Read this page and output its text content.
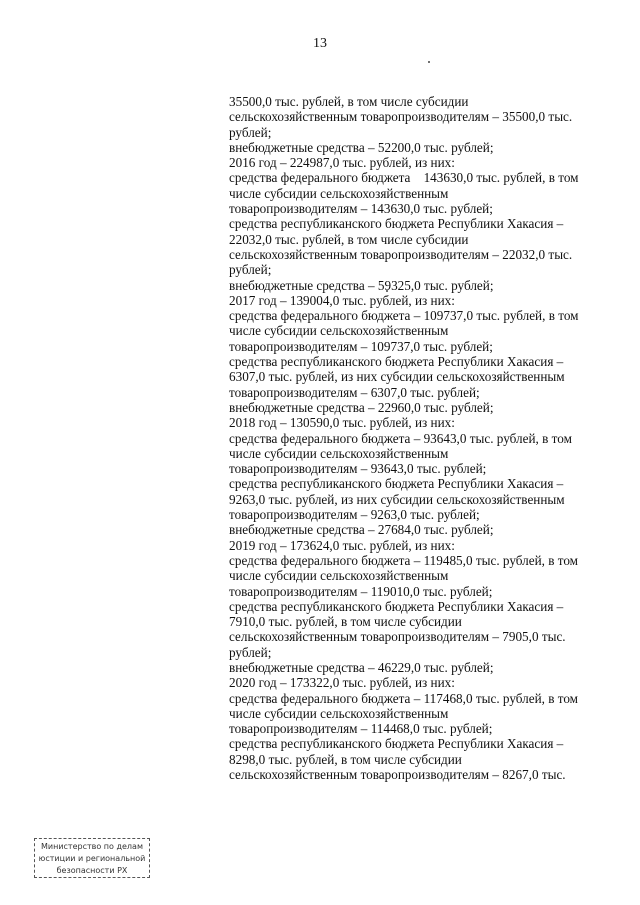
13
35500,0 тыс. рублей, в том числе субсидии
сельскохозяйственным товаропроизводителям – 35500,0 тыс.
рублей;
внебюджетные средства – 52200,0 тыс. рублей;
2016 год – 224987,0 тыс. рублей, из них:
средства федерального бюджета    143630,0 тыс. рублей, в том
числе субсидии сельскохозяйственным
товаропроизводителям – 143630,0 тыс. рублей;
средства республиканского бюджета Республики Хакасия –
22032,0 тыс. рублей, в том числе субсидии
сельскохозяйственным товаропроизводителям – 22032,0 тыс.
рублей;
внебюджетные средства – 59325,0 тыс. рублей;
2017 год – 139004,0 тыс. рублей, из них:
средства федерального бюджета – 109737,0 тыс. рублей, в том
числе субсидии сельскохозяйственным
товаропроизводителям – 109737,0 тыс. рублей;
средства республиканского бюджета Республики Хакасия –
6307,0 тыс. рублей, из них субсидии сельскохозяйственным
товаропроизводителям – 6307,0 тыс. рублей;
внебюджетные средства – 22960,0 тыс. рублей;
2018 год – 130590,0 тыс. рублей, из них:
средства федерального бюджета – 93643,0 тыс. рублей, в том
числе субсидии сельскохозяйственным
товаропроизводителям – 93643,0 тыс. рублей;
средства республиканского бюджета Республики Хакасия –
9263,0 тыс. рублей, из них субсидии сельскохозяйственным
товаропроизводителям – 9263,0 тыс. рублей;
внебюджетные средства – 27684,0 тыс. рублей;
2019 год – 173624,0 тыс. рублей, из них:
средства федерального бюджета – 119485,0 тыс. рублей, в том
числе субсидии сельскохозяйственным
товаропроизводителям – 119010,0 тыс. рублей;
средства республиканского бюджета Республики Хакасия –
7910,0 тыс. рублей, в том числе субсидии
сельскохозяйственным товаропроизводителям – 7905,0 тыс.
рублей;
внебюджетные средства – 46229,0 тыс. рублей;
2020 год – 173322,0 тыс. рублей, из них:
средства федерального бюджета – 117468,0 тыс. рублей, в том
числе субсидии сельскохозяйственным
товаропроизводителям – 114468,0 тыс. рублей;
средства республиканского бюджета Республики Хакасия –
8298,0 тыс. рублей, в том числе субсидии
сельскохозяйственным товаропроизводителям – 8267,0 тыс.
Министерство по делам
юстиции и региональной
безопасности РХ
